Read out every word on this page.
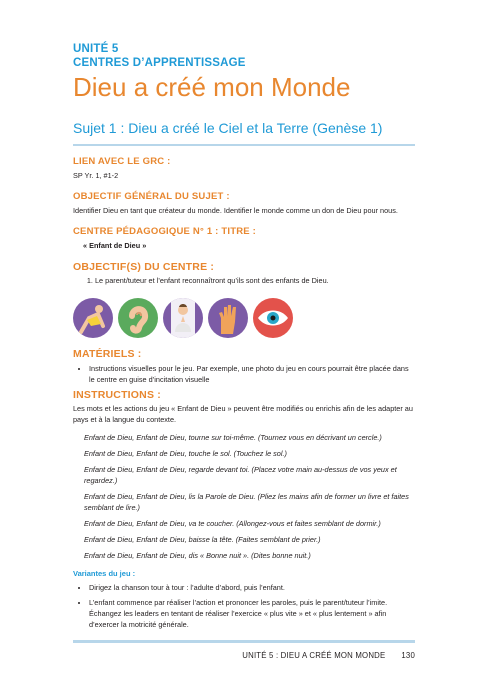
UNITÉ 5
CENTRES D’APPRENTISSAGE
Dieu a créé mon Monde
Sujet 1 : Dieu a créé le Ciel et la Terre (Genèse 1)
LIEN AVEC LE GRC :
SP Yr. 1, #1-2
OBJECTIF GÉNÉRAL DU SUJET :
Identifier Dieu en tant que créateur du monde. Identifier le monde comme un don de Dieu pour nous.
CENTRE PÉDAGOGIQUE N° 1 : TITRE :
« Enfant de Dieu »
OBJECTIF(S) DU CENTRE :
1. Le parent/tuteur et l’enfant reconnaîtront qu’ils sont des enfants de Dieu.
MATÉRIELS :
• Instructions visuelles pour le jeu. Par exemple, une photo du jeu en cours pourrait être placée dans le centre en guise d’incitation visuelle
INSTRUCTIONS :
Les mots et les actions du jeu « Enfant de Dieu » peuvent être modifiés ou enrichis afin de les adapter au pays et à la langue du contexte.
Enfant de Dieu, Enfant de Dieu, tourne sur toi-même. (Tournez vous en décrivant un cercle.)
Enfant de Dieu, Enfant de Dieu, touche le sol. (Touchez le sol.)
Enfant de Dieu, Enfant de Dieu, regarde devant toi. (Placez votre main au-dessus de vos yeux et regardez.)
Enfant de Dieu, Enfant de Dieu, lis la Parole de Dieu. (Pliez les mains afin de former un livre et faites semblant de lire.)
Enfant de Dieu, Enfant de Dieu, va te coucher. (Allongez-vous et faites semblant de dormir.)
Enfant de Dieu, Enfant de Dieu, baisse la tête. (Faites semblant de prier.)
Enfant de Dieu, Enfant de Dieu, dis « Bonne nuit ». (Dites bonne nuit.)
Variantes du jeu :
• Dirigez la chanson tour à tour : l’adulte d’abord, puis l’enfant.
• L’enfant commence par réaliser l’action et prononcer les paroles, puis le parent/tuteur l’imite. Échangez les leaders en tentant de réaliser l’exercice « plus vite » et « plus lentement » afin d’exercer la motricité générale.
UNITÉ 5 : DIEU A CRÉÉ MON MONDE 130
